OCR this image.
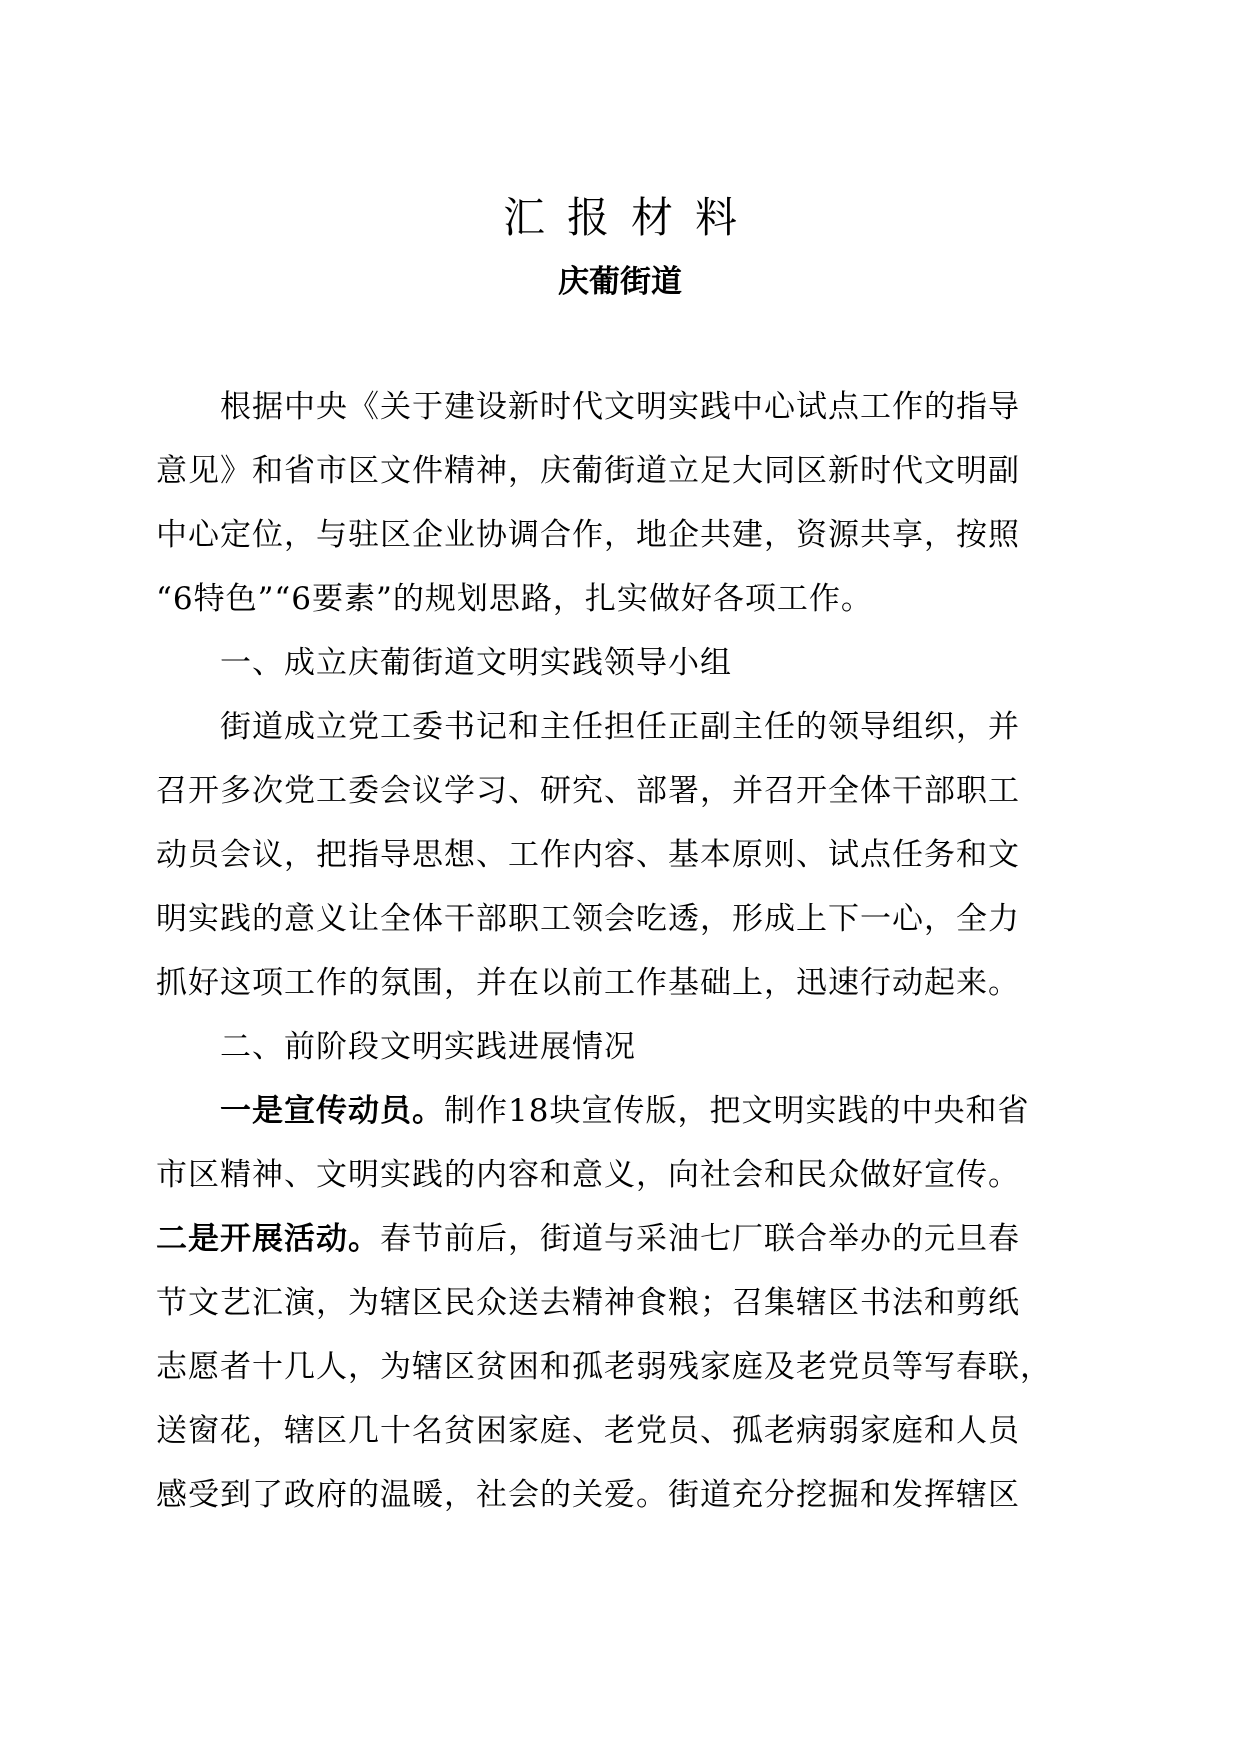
汇报材料
庆葡街道
根据中央《关于建设新时代文明实践中心试点工作的指导
意见》和省市区文件精神，庆葡街道立足大同区新时代文明副
中心定位，与驻区企业协调合作，地企共建，资源共享，按照
“6特色”“6要素”的规划思路，扎实做好各项工作。
一、成立庆葡街道文明实践领导小组
街道成立党工委书记和主任担任正副主任的领导组织，并
召开多次党工委会议学习、研究、部署，并召开全体干部职工
动员会议，把指导思想、工作内容、基本原则、试点任务和文
明实践的意义让全体干部职工领会吃透，形成上下一心，全力
抓好这项工作的氛围，并在以前工作基础上，迅速行动起来。
二、前阶段文明实践进展情况
一是宣传动员。制作18块宣传版，把文明实践的中央和省
市区精神、文明实践的内容和意义，向社会和民众做好宣传。
二是开展活动。春节前后，街道与采油七厂联合举办的元旦春
节文艺汇演，为辖区民众送去精神食粮；召集辖区书法和剪纸
志愿者十几人，为辖区贫困和孤老弱残家庭及老党员等写春联，
送窗花，辖区几十名贫困家庭、老党员、孤老病弱家庭和人员
感受到了政府的温暖，社会的关爱。街道充分挖掘和发挥辖区
